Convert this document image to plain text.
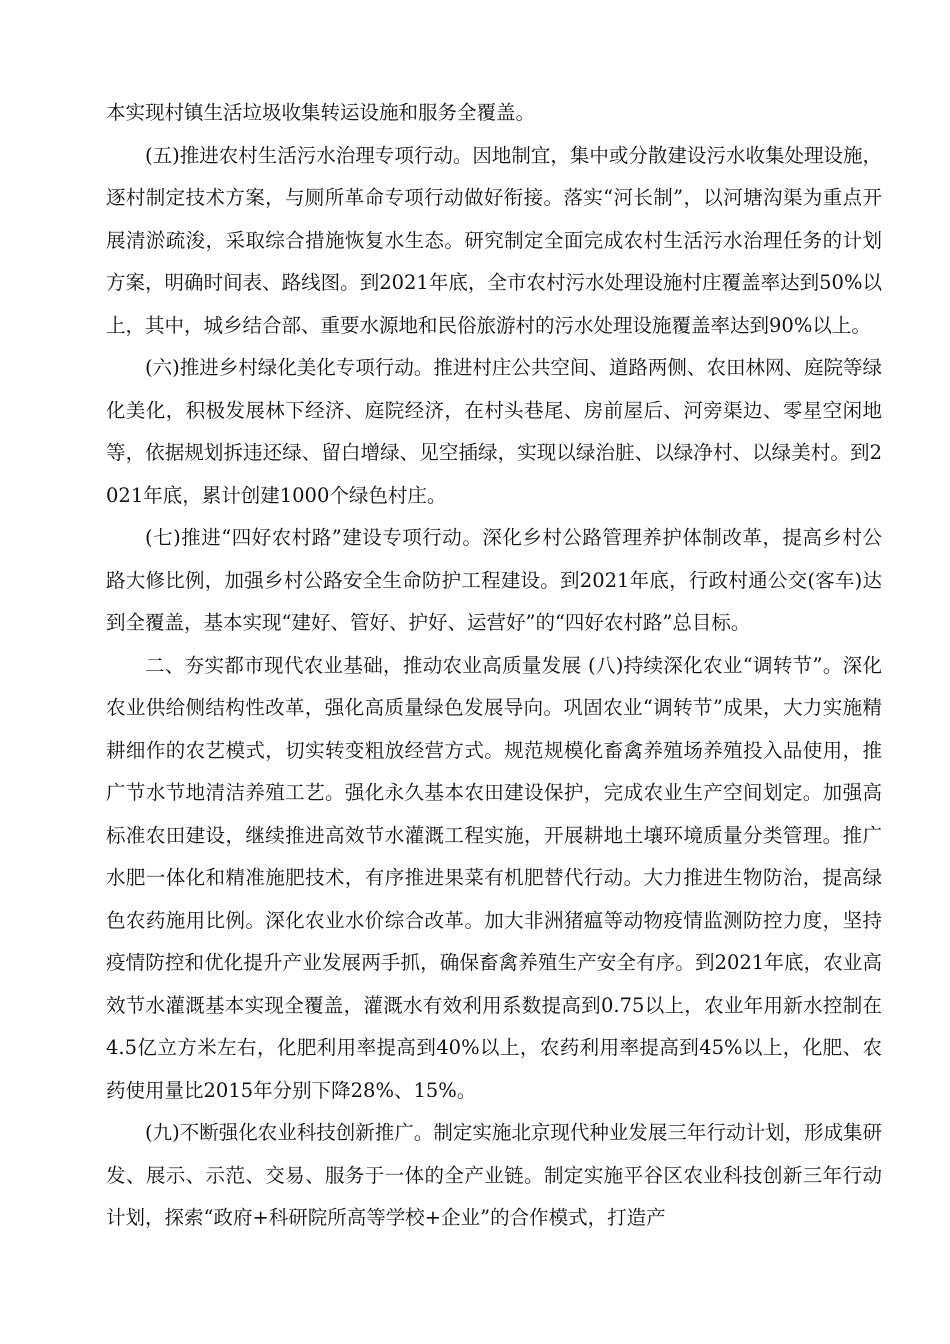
本实现村镇生活垃圾收集转运设施和服务全覆盖。

(五)推进农村生活污水治理专项行动。因地制宜，集中或分散建设污水收集处理设施，逐村制定技术方案，与厕所革命专项行动做好衔接。落实“河长制”，以河塘沟渠为重点开展清淤疏浚，采取综合措施恢复水生态。研究制定全面完成农村生活污水治理任务的计划方案，明确时间表、路线图。到2021年底，全市农村污水处理设施村庄覆盖率达到50%以上，其中，城乡结合部、重要水源地和民俗旅游村的污水处理设施覆盖率达到90%以上。

(六)推进乡村绿化美化专项行动。推进村庄公共空间、道路两侧、农田林网、庭院等绿化美化，积极发展林下经济、庭院经济，在村头巷尾、房前屋后、河旁渠边、零星空闲地等，依据规划拆违还绿、留白增绿、见空插绿，实现以绿治脏、以绿净村、以绿美村。到2021年底，累计创建1000个绿色村庄。

(七)推进“四好农村路”建设专项行动。深化乡村公路管理养护体制改革，提高乡村公路大修比例，加强乡村公路安全生命防护工程建设。到2021年底，行政村通公交(客车)达到全覆盖，基本实现“建好、管好、护好、运营好”的“四好农村路”总目标。

二、夯实都市现代农业基础，推动农业高质量发展 (八)持续深化农业“调转节”。深化农业供给侧结构性改革，强化高质量绿色发展导向。巩固农业“调转节”成果，大力实施精耕细作的农艺模式，切实转变粗放经营方式。规范规模化畜禽养殖场养殖投入品使用，推广节水节地清洁养殖工艺。强化永久基本农田建设保护，完成农业生产空间划定。加强高标准农田建设，继续推进高效节水灌溉工程实施，开展耕地土壤环境质量分类管理。推广水肥一体化和精准施肥技术，有序推进果菜有机肥替代行动。大力推进生物防治，提高绿色农药施用比例。深化农业水价综合改革。加大非洲猪瘟等动物疫情监测防控力度，坚持疫情防控和优化提升产业发展两手抓，确保畜禽养殖生产安全有序。到2021年底，农业高效节水灌溉基本实现全覆盖，灌溉水有效利用系数提高到0.75以上，农业年用新水控制在4.5亿立方米左右，化肥利用率提高到40%以上，农药利用率提高到45%以上，化肥、农药使用量比2015年分别下降28%、15%。

(九)不断强化农业科技创新推广。制定实施北京现代种业发展三年行动计划，形成集研发、展示、示范、交易、服务于一体的全产业链。制定实施平谷区农业科技创新三年行动计划，探索“政府+科研院所高等学校+企业”的合作模式，打造产
